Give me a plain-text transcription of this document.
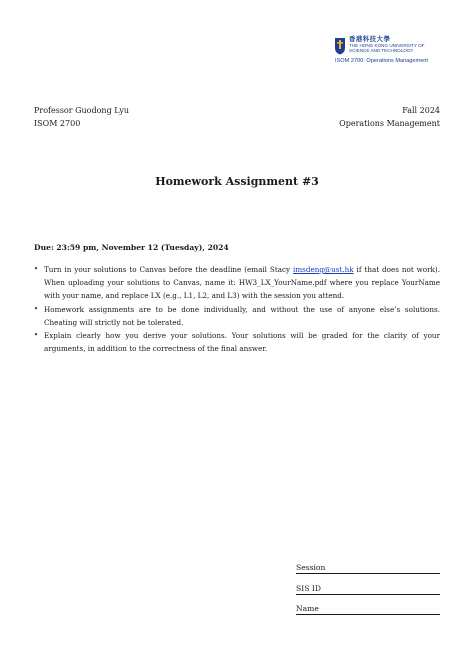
香港科技大學
THE HONG KONG UNIVERSITY OF
SCIENCE AND TECHNOLOGY
ISOM 2700: Operations Management
Professor Guodong Lyu
ISOM 2700
Fall 2024
Operations Management
Homework Assignment #3
Due: 23:59 pm, November 12 (Tuesday), 2024
• Turn in your solutions to Canvas before the deadline (email Stacy imsdeng@ust.hk if that does not work). When uploading your solutions to Canvas, name it: HW3_LX_YourName.pdf where you replace YourName with your name, and replace LX (e.g., L1, L2, and L3) with the session you attend.
• Homework assignments are to be done individually, and without the use of anyone else’s solutions. Cheating will strictly not be tolerated.
• Explain clearly how you derive your solutions. Your solutions will be graded for the clarity of your arguments, in addition to the correctness of the final answer.
Session
SIS ID
Name
